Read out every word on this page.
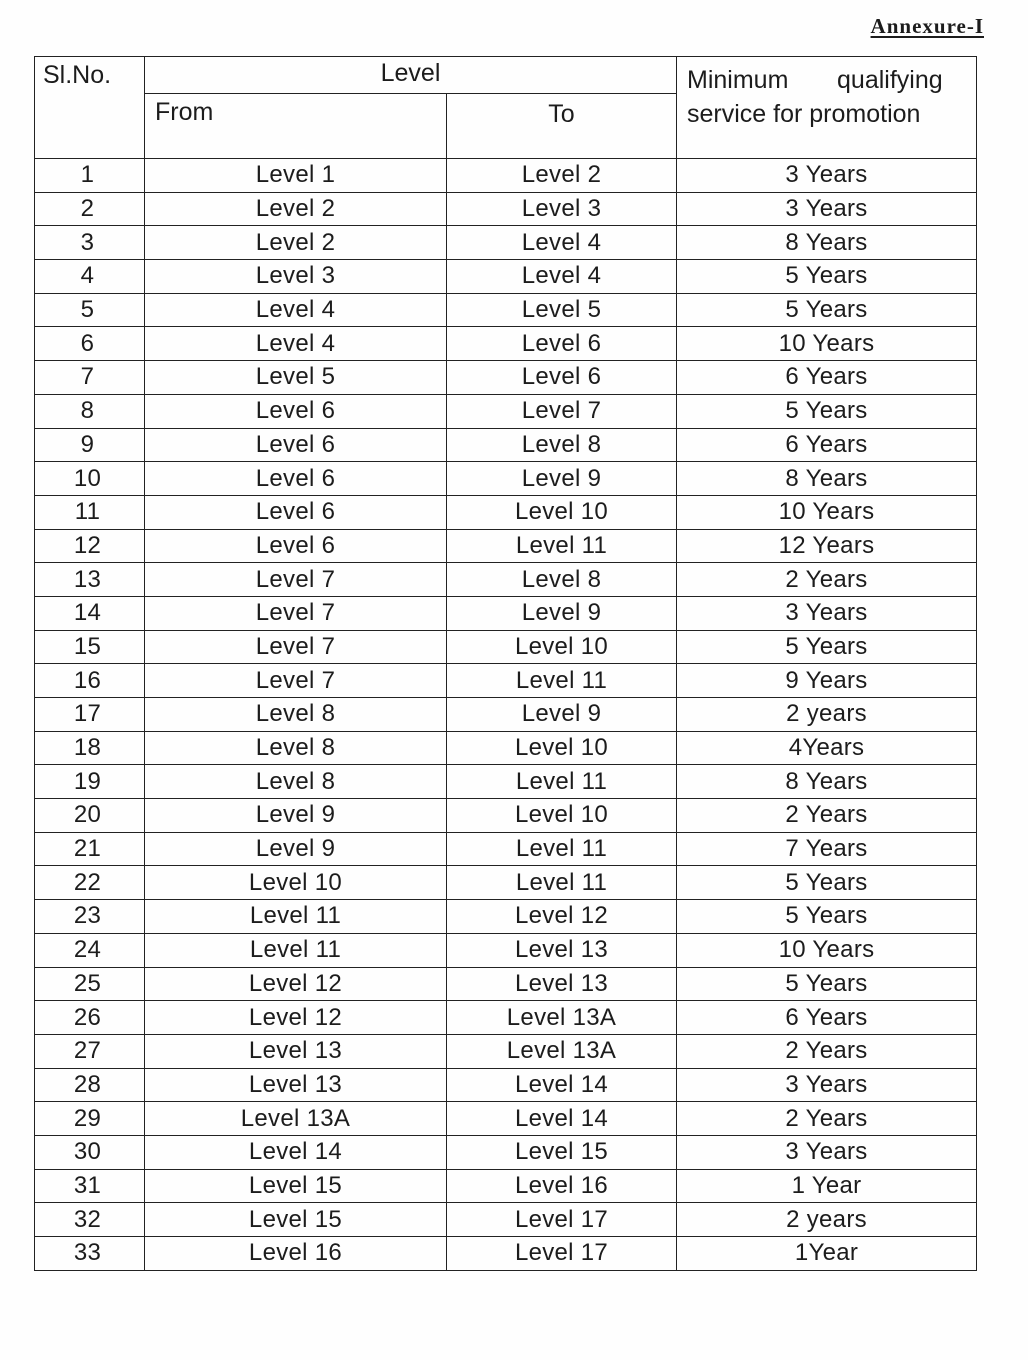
Annexure-I
Sl.No.	Level		Minimum qualifying
service for promotion
	From	To	
1	Level 1	Level 2	3 Years
2	Level 2	Level 3	3 Years
3	Level 2	Level 4	8 Years
4	Level 3	Level 4	5 Years
5	Level 4	Level 5	5 Years
6	Level 4	Level 6	10 Years
7	Level 5	Level 6	6 Years
8	Level 6	Level 7	5 Years
9	Level 6	Level 8	6 Years
10	Level 6	Level 9	8 Years
11	Level 6	Level 10	10 Years
12	Level 6	Level 11	12 Years
13	Level 7	Level 8	2 Years
14	Level 7	Level 9	3 Years
15	Level 7	Level 10	5 Years
16	Level 7	Level 11	9 Years
17	Level 8	Level 9	2 years
18	Level 8	Level 10	4Years
19	Level 8	Level 11	8 Years
20	Level 9	Level 10	2 Years
21	Level 9	Level 11	7 Years
22	Level 10	Level 11	5 Years
23	Level 11	Level 12	5 Years
24	Level 11	Level 13	10 Years
25	Level 12	Level 13	5 Years
26	Level 12	Level 13A	6 Years
27	Level 13	Level 13A	2 Years
28	Level 13	Level 14	3 Years
29	Level 13A	Level 14	2 Years
30	Level 14	Level 15	3 Years
31	Level 15	Level 16	1 Year
32	Level 15	Level 17	2 years
33	Level 16	Level 17	1Year
